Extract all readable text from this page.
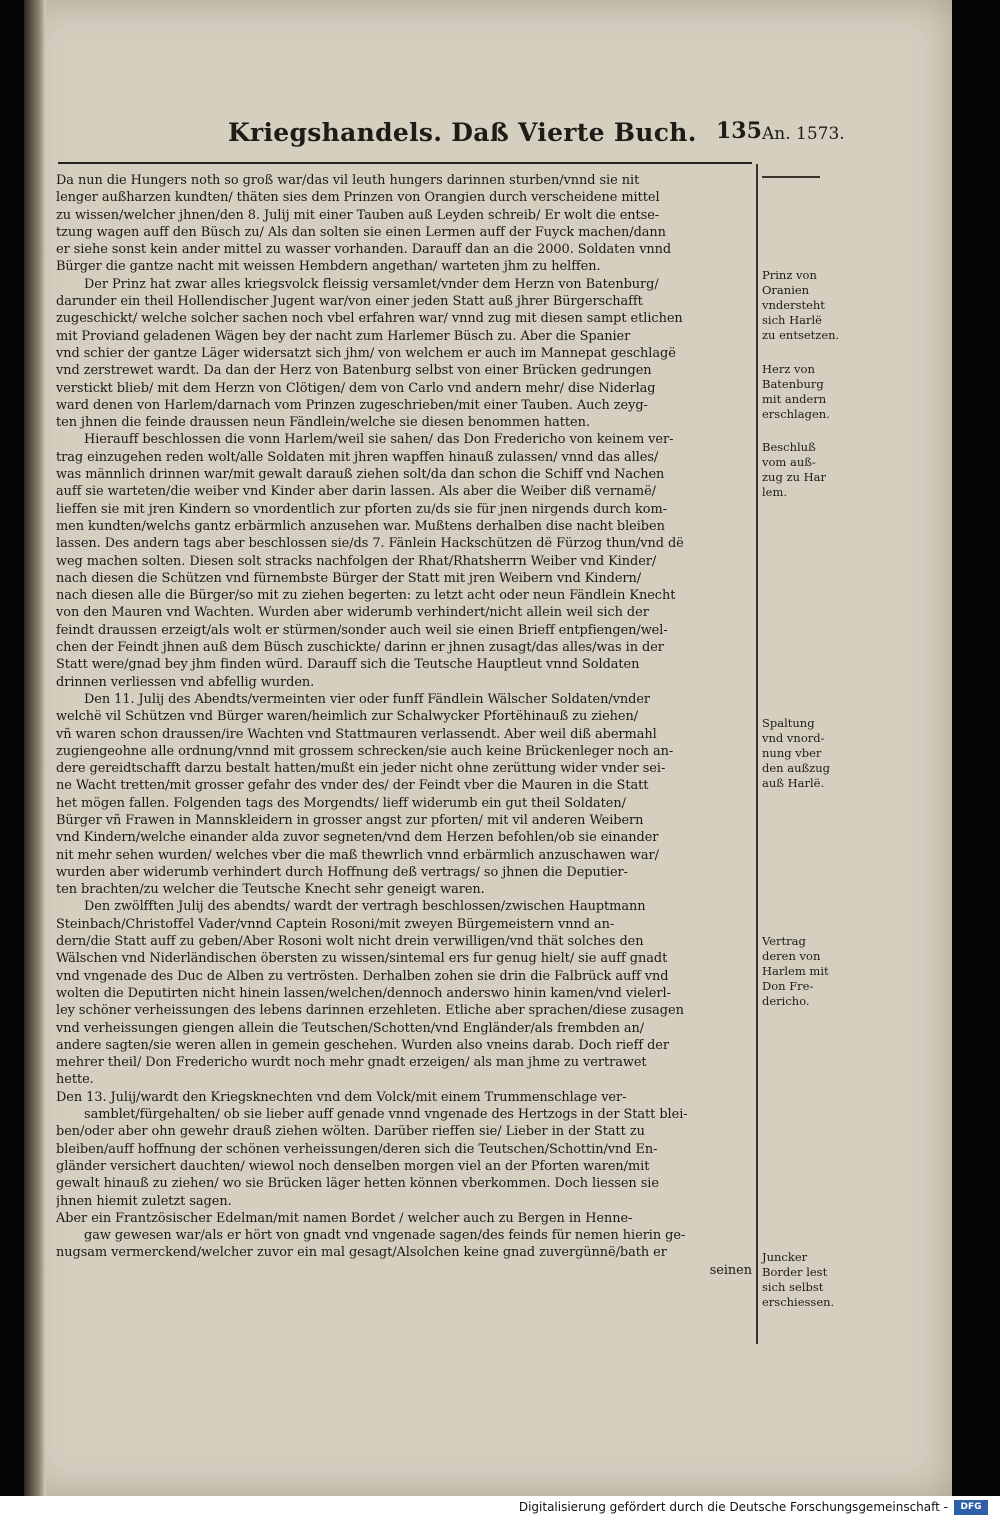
Kriegshandels. Daß Vierte Buch. 135 An. 1573.
Da nun die Hungers noth so groß war/das vil leuth hungers darinnen sturben/vnnd sie nit
lenger außharzen kundten/ thäten sies dem Prinzen von Orangien durch verscheidene mittel
zu wissen/welcher jhnen/den 8. Julij mit einer Tauben auß Leyden schreib/ Er wolt die entse-
tzung wagen auff den Büsch zu/ Als dan solten sie einen Lermen auff der Fuyck machen/dann
er siehe sonst kein ander mittel zu wasser vorhanden. Darauff dan an die 2000. Soldaten vnnd
Bürger die gantze nacht mit weissen Hembdern angethan/ warteten jhm zu helffen.
Der Prinz hat zwar alles kriegsvolck fleissig versamlet/vnder dem Herzn von Batenburg/
darunder ein theil Hollendischer Jugent war/von einer jeden Statt auß jhrer Bürgerschafft
zugeschickt/ welche solcher sachen noch vbel erfahren war/ vnnd zug mit diesen sampt etlichen
mit Proviand geladenen Wägen bey der nacht zum Harlemer Büsch zu. Aber die Spanier
vnd schier der gantze Läger widersatzt sich jhm/ von welchem er auch im Mannepat geschlagë
vnd zerstrewet wardt. Da dan der Herz von Batenburg selbst von einer Brücken gedrungen
verstickt blieb/ mit dem Herzn von Clötigen/ dem von Carlo vnd andern mehr/ dise Niderlag
ward denen von Harlem/darnach vom Prinzen zugeschrieben/mit einer Tauben. Auch zeyg-
ten jhnen die feinde draussen neun Fändlein/welche sie diesen benommen hatten.
Hierauff beschlossen die vonn Harlem/weil sie sahen/ das Don Frederichо von keinem ver-
trag einzugehen reden wolt/alle Soldaten mit jhren wapffen hinauß zulassen/ vnnd das alles/
was männlich drinnen war/mit gewalt darauß ziehen solt/da dan schon die Schiff vnd Nachen
auff sie warteten/die weiber vnd Kinder aber darin lassen. Als aber die Weiber diß vernamë/
lieffen sie mit jren Kindern so vnordentlich zur pforten zu/ds sie für jnen nirgends durch kom-
men kundten/welchs gantz erbärmlich anzusehen war. Mußtens derhalben dise nacht bleiben
lassen. Des andern tags aber beschlossen sie/ds 7. Fänlein Hackschützen dë Fürzog thun/vnd dë
weg machen solten. Diesen solt stracks nachfolgen der Rhat/Rhatsherrn Weiber vnd Kinder/
nach diesen die Schützen vnd fürnembste Bürger der Statt mit jren Weibern vnd Kindern/
nach diesen alle die Bürger/so mit zu ziehen begerten: zu letzt acht oder neun Fändlein Knecht
von den Mauren vnd Wachten. Wurden aber widerumb verhindert/nicht allein weil sich der
feindt draussen erzeigt/als wolt er stürmen/sonder auch weil sie einen Brieff entpfiengen/wel-
chen der Feindt jhnen auß dem Büsch zuschickte/ darinn er jhnen zusagt/das alles/was in der
Statt were/gnad bey jhm finden würd. Darauff sich die Teutsche Hauptleut vnnd Soldaten
drinnen verliessen vnd abfellig wurden.
Den 11. Julij des Abendts/vermeinten vier oder funff Fändlein Wälscher Soldaten/vnder
welchë vil Schützen vnd Bürger waren/heimlich zur Schalwycker Pfortëhinauß zu ziehen/
vñ waren schon draussen/ire Wachten vnd Stattmauren verlassendt. Aber weil diß abermahl
zugiengeohne alle ordnung/vnnd mit grossem schrecken/sie auch keine Brückenleger noch an-
dere gereidtschafft darzu bestalt hatten/mußt ein jeder nicht ohne zerüttung wider vnder sei-
ne Wacht tretten/mit grosser gefahr des vnder des/ der Feindt vber die Mauren in die Statt
het mögen fallen. Folgenden tags des Morgendts/ lieff widerumb ein gut theil Soldaten/
Bürger vñ Frawen in Mannskleidern in grosser angst zur pforten/ mit vil anderen Weibern
vnd Kindern/welche einander alda zuvor segneten/vnd dem Herzen befohlen/ob sie einander
nit mehr sehen wurden/ welches vber die maß thewrlich vnnd erbärmlich anzuschawen war/
wurden aber widerumb verhindert durch Hoffnung deß vertrags/ so jhnen die Deputier-
ten brachten/zu welcher die Teutsche Knecht sehr geneigt waren.
Den zwölfften Julij des abendts/ wardt der vertragh beschlossen/zwischen Hauptmann
Steinbach/Christoffel Vader/vnnd Captein Rosoni/mit zweyen Bürgemeistern vnnd an-
dern/die Statt auff zu geben/Aber Rosoni wolt nicht drein verwilligen/vnd thät solches den
Wälschen vnd Niderländischen öbersten zu wissen/sintemal ers fur genug hielt/ sie auff gnadt
vnd vngenade des Duc de Alben zu vertrösten. Derhalben zohen sie drin die Falbrück auff vnd
wolten die Deputirten nicht hinein lassen/welchen/dennoch anderswo hinin kamen/vnd vielerl-
ley schöner verheissungen des lebens darinnen erzehleten. Etliche aber sprachen/diese zusagen
vnd verheissungen giengen allein die Teutschen/Schotten/vnd Engländer/als frembden an/
andere sagten/sie weren allen in gemein geschehen. Wurden also vneins darab. Doch rieff der
mehrer theil/ Don Frederichо wurdt noch mehr gnadt erzeigen/ als man jhme zu vertrawet
hette.
Den 13. Julij/wardt den Kriegsknechten vnd dem Volck/mit einem Trummenschlage ver-
samblet/fürgehalten/ ob sie lieber auff genade vnnd vngenade des Hertzogs in der Statt blei-
ben/oder aber ohn gewehr drauß ziehen wölten. Darüber rieffen sie/ Lieber in der Statt zu
bleiben/auff hoffnung der schönen verheissungen/deren sich die Teutschen/Schottin/vnd En-
gländer versichert dauchten/ wiewol noch denselben morgen viel an der Pforten waren/mit
gewalt hinauß zu ziehen/ wo sie Brücken läger hetten können vberkommen. Doch liessen sie
jhnen hiemit zuletzt sagen.
Aber ein Frantzösischer Edelman/mit namen Bordet / welcher auch zu Bergen in Henne-
gaw gewesen war/als er hört von gnadt vnd vngenade sagen/des feinds für nemen hierin ge-
nugsam vermerckend/welcher zuvor ein mal gesagt/Alsolchen keine gnad zuvergünnë/bath er
seinen
Prinz von
Oranien
vndersteht
sich Harlë
zu entsetzen.
Herz von
Batenburg
mit andern
erschlagen.
Beschluß
vom auß-
zug zu Har
lem.
Spaltung
vnd vnord-
nung vber
den außzug
auß Harlë.
Vertrag
deren von
Harlem mit
Don Fre-
dericho.
Juncker
Border lest
sich selbst
erschiessen.
Digitalisierung gefördert durch die Deutsche Forschungsgemeinschaft -	DFG
